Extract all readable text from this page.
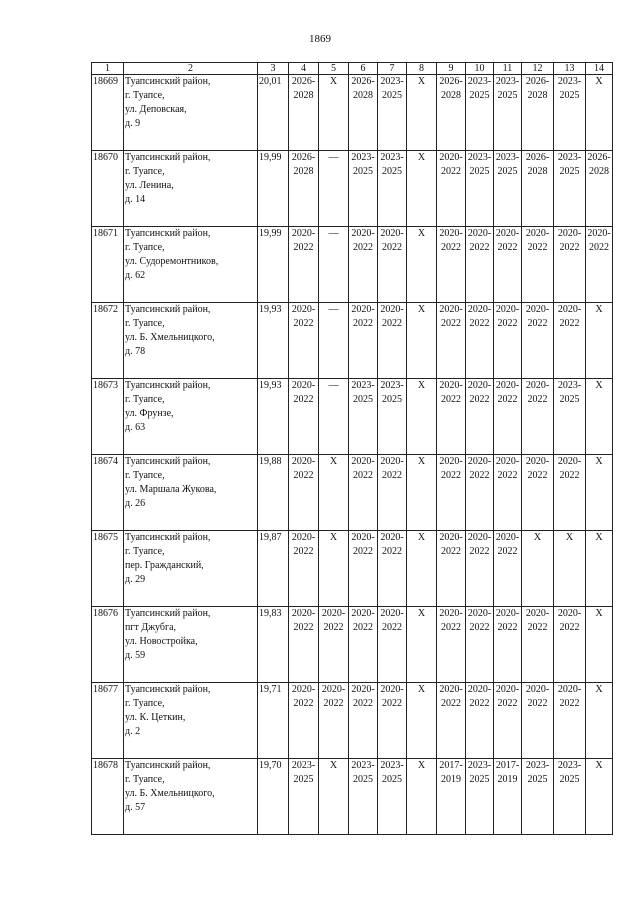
1869
1	2	3	4	5	6	7	8	9	10	11	12	13	14
18669	Туапсинский район,
г. Туапсе,
ул. Деповская,
д. 9	20,01	2026-
2028	X	2026-
2028	2023-
2025	X	2026-
2028	2023-
2025	2023-
2025	2026-
2028	2023-
2025	X

18670	Туапсинский район,
г. Туапсе,
ул. Ленина,
д. 14	19,99	2026-
2028	—	2023-
2025	2023-
2025	X	2020-
2022	2023-
2025	2023-
2025	2026-
2028	2023-
2025	2026-
2028

18671	Туапсинский район,
г. Туапсе,
ул. Судоремонтников,
д. 62	19,99	2020-
2022	—	2020-
2022	2020-
2022	X	2020-
2022	2020-
2022	2020-
2022	2020-
2022	2020-
2022	2020-
2022

18672	Туапсинский район,
г. Туапсе,
ул. Б. Хмельницкого,
д. 78	19,93	2020-
2022	—	2020-
2022	2020-
2022	X	2020-
2022	2020-
2022	2020-
2022	2020-
2022	2020-
2022	X

18673	Туапсинский район,
г. Туапсе,
ул. Фрунзе,
д. 63	19,93	2020-
2022	—	2023-
2025	2023-
2025	X	2020-
2022	2020-
2022	2020-
2022	2020-
2022	2023-
2025	X

18674	Туапсинский район,
г. Туапсе,
ул. Маршала Жукова,
д. 26	19,88	2020-
2022	X	2020-
2022	2020-
2022	X	2020-
2022	2020-
2022	2020-
2022	2020-
2022	2020-
2022	X

18675	Туапсинский район,
г. Туапсе,
пер. Гражданский,
д. 29	19,87	2020-
2022	X	2020-
2022	2020-
2022	X	2020-
2022	2020-
2022	2020-
2022	X	X	X

18676	Туапсинский район,
пгт Джубга,
ул. Новостройка,
д. 59	19,83	2020-
2022	2020-
2022	2020-
2022	2020-
2022	X	2020-
2022	2020-
2022	2020-
2022	2020-
2022	2020-
2022	X

18677	Туапсинский район,
г. Туапсе,
ул. К. Цеткин,
д. 2	19,71	2020-
2022	2020-
2022	2020-
2022	2020-
2022	X	2020-
2022	2020-
2022	2020-
2022	2020-
2022	2020-
2022	X

18678	Туапсинский район,
г. Туапсе,
ул. Б. Хмельницкого,
д. 57	19,70	2023-
2025	X	2023-
2025	2023-
2025	X	2017-
2019	2023-
2025	2017-
2019	2023-
2025	2023-
2025	X
